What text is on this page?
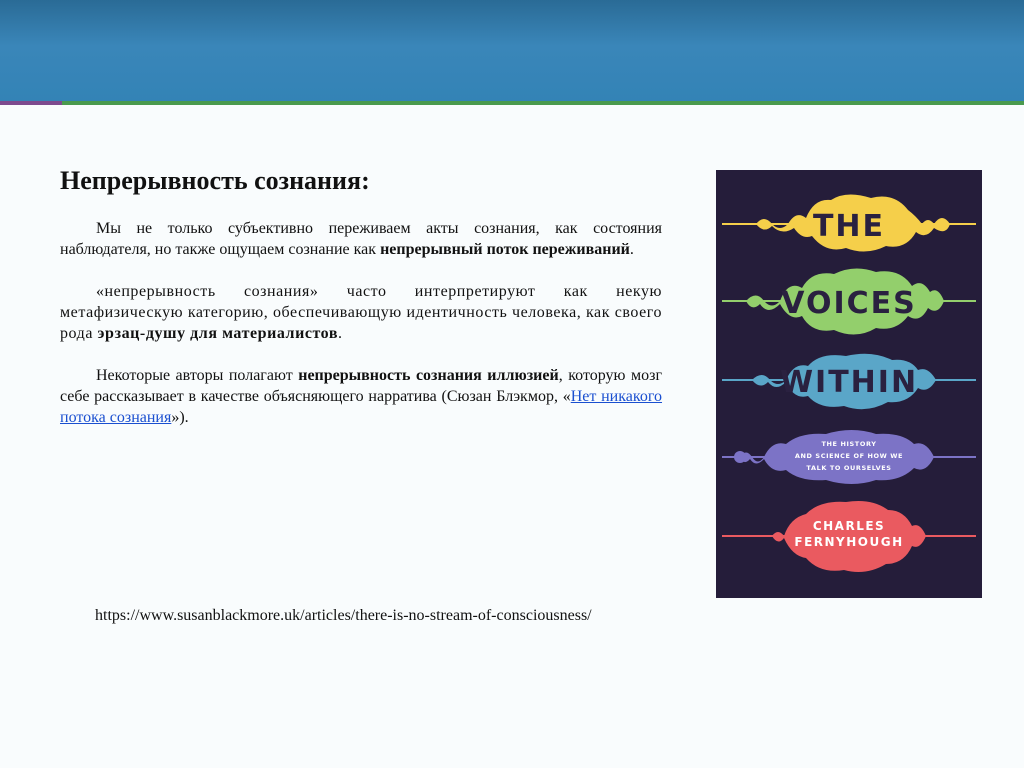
Непрерывность сознания:

Мы не только субъективно переживаем акты сознания, как состояния наблюдателя, но также ощущаем сознание как непрерывный поток переживаний.

«непрерывность сознания» часто интерпретируют как некую метафизическую категорию, обеспечивающую идентичность человека, как своего рода эрзац-душу для материалистов.

Некоторые авторы полагают непрерывность сознания иллюзией, которую мозг себе рассказывает в качестве объясняющего нарратива (Сюзан Блэкмор, «Нет никакого потока сознания»).

https://www.susanblackmore.uk/articles/there-is-no-stream-of-consciousness/
THE
VOICES
WITHIN
THE HISTORY
AND SCIENCE OF HOW WE
TALK TO OURSELVES
CHARLES
FERNYHOUGH
